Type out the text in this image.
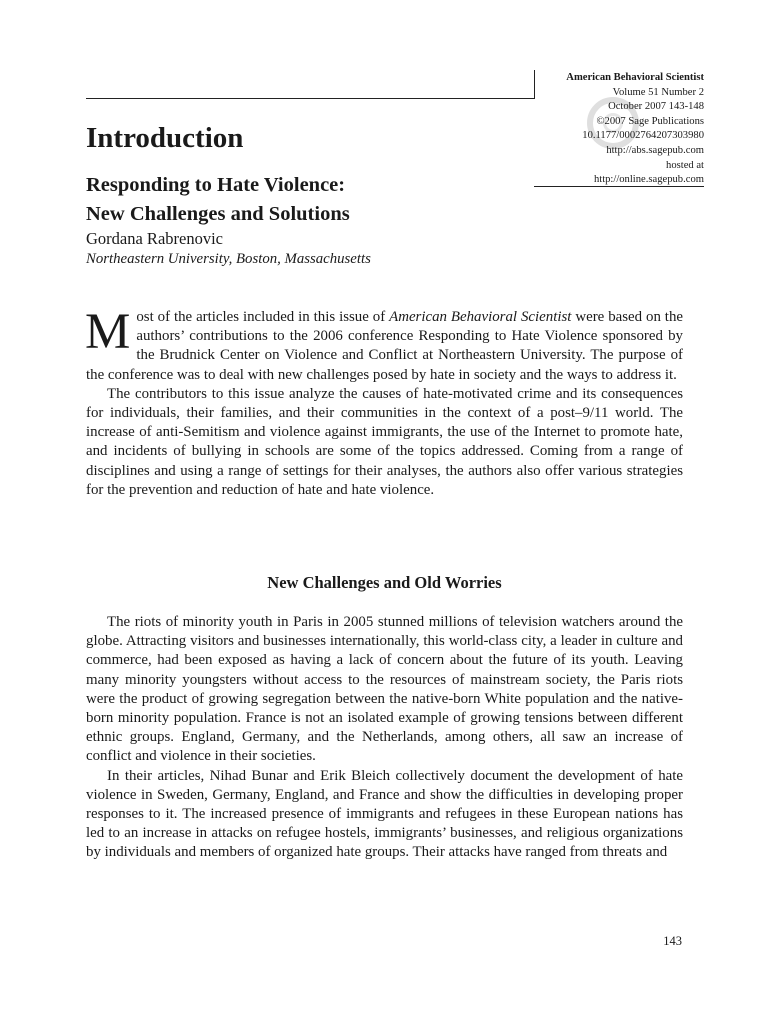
American Behavioral Scientist
Volume 51 Number 2
October 2007 143-148
©2007 Sage Publications
10.1177/0002764207303980
http://abs.sagepub.com
hosted at
http://online.sagepub.com
Introduction
Responding to Hate Violence:
New Challenges and Solutions
Gordana Rabrenovic
Northeastern University, Boston, Massachusetts

Most of the articles included in this issue of American Behavioral Scientist were based on the authors’ contributions to the 2006 conference Responding to Hate Violence sponsored by the Brudnick Center on Violence and Conflict at Northeastern University. The purpose of the conference was to deal with new challenges posed by hate in society and the ways to address it.

The contributors to this issue analyze the causes of hate-motivated crime and its consequences for individuals, their families, and their communities in the context of a post–9/11 world. The increase of anti-Semitism and violence against immigrants, the use of the Internet to promote hate, and incidents of bullying in schools are some of the topics addressed. Coming from a range of disciplines and using a range of settings for their analyses, the authors also offer various strategies for the prevention and reduction of hate and hate violence.

New Challenges and Old Worries

The riots of minority youth in Paris in 2005 stunned millions of television watchers around the globe. Attracting visitors and businesses internationally, this world-class city, a leader in culture and commerce, had been exposed as having a lack of concern about the future of its youth. Leaving many minority youngsters without access to the resources of mainstream society, the Paris riots were the product of growing segregation between the native-born White population and the native-born minority population. France is not an isolated example of growing tensions between different ethnic groups. England, Germany, and the Netherlands, among others, all saw an increase of conflict and violence in their societies.

In their articles, Nihad Bunar and Erik Bleich collectively document the development of hate violence in Sweden, Germany, England, and France and show the difficulties in developing proper responses to it. The increased presence of immigrants and refugees in these European nations has led to an increase in attacks on refugee hostels, immigrants’ businesses, and religious organizations by individuals and members of organized hate groups. Their attacks have ranged from threats and

143
